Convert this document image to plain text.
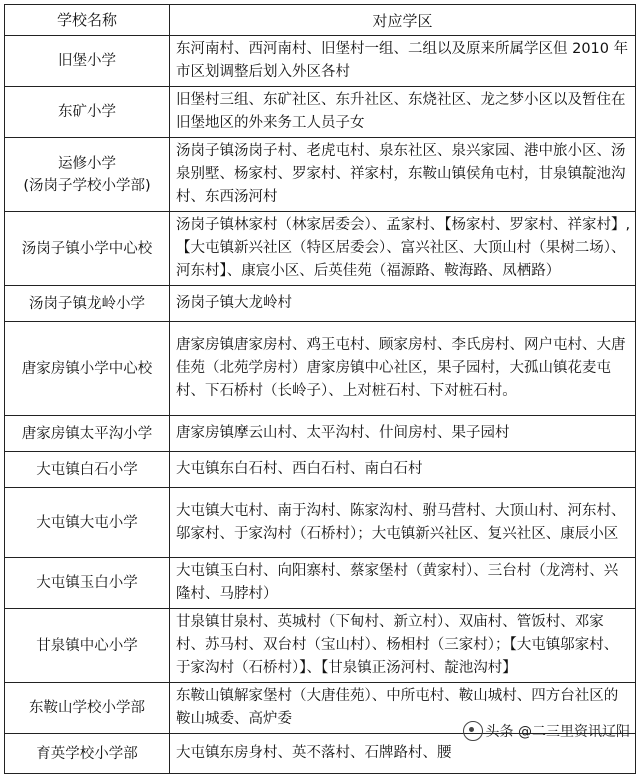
学校名称	对应学区

旧堡小学	东河南村、西河南村、旧堡村一组、二组以及原来所属学区但 2010 年市区划调整后划入外区各村

东矿小学	旧堡村三组、东矿社区、东升社区、东烧社区、龙之梦小区以及暂住在旧堡地区的外来务工人员子女

运修小学
(汤岗子学校小学部)	汤岗子镇汤岗子村、老虎屯村、泉东社区、泉兴家园、港中旅小区、汤泉别墅、杨家村、罗家村、祥家村，东鞍山镇侯角屯村，甘泉镇靛池沟村、东西汤河村

汤岗子镇小学中心校	汤岗子镇林家村（林家居委会）、孟家村、【杨家村、罗家村、祥家村】,【大屯镇新兴社区（特区居委会）、富兴社区、大顶山村（果树二场）、河东村】、康宸小区、后英佳苑（福源路、鞍海路、凤栖路）

汤岗子镇龙岭小学	汤岗子镇大龙岭村

唐家房镇小学中心校	唐家房镇唐家房村、鸡王屯村、顾家房村、李氏房村、网户屯村、大唐佳苑（北苑学房村）唐家房镇中心社区，果子园村，大孤山镇花麦屯村、下石桥村（长岭子）、上对桩石村、下对桩石村。

唐家房镇太平沟小学	唐家房镇摩云山村、太平沟村、什间房村、果子园村

大屯镇白石小学	大屯镇东白石村、西白石村、南白石村

大屯镇大屯小学	大屯镇大屯村、南于沟村、陈家沟村、驸马营村、大顶山村、河东村、邬家村、于家沟村（石桥村）；大屯镇新兴社区、复兴社区、康辰小区

大屯镇玉白小学	大屯镇玉白村、向阳寨村、蔡家堡村（黄家村）、三台村（龙湾村、兴隆村、马脖村）

甘泉镇中心小学	甘泉镇甘泉村、英城村（下甸村、新立村）、双庙村、管饭村、邓家村、苏马村、双台村（宝山村）、杨相村（三家村）；【大屯镇邬家村、于家沟村（石桥村）】、【甘泉镇正汤河村、靛池沟村】

东鞍山学校小学部	东鞍山镇解家堡村（大唐佳苑）、中所屯村、鞍山城村、四方台社区的鞍山城委、高炉委

育英学校小学部	大屯镇东房身村、英不落村、石牌路村、腰
头条 @二三里资讯辽阳
